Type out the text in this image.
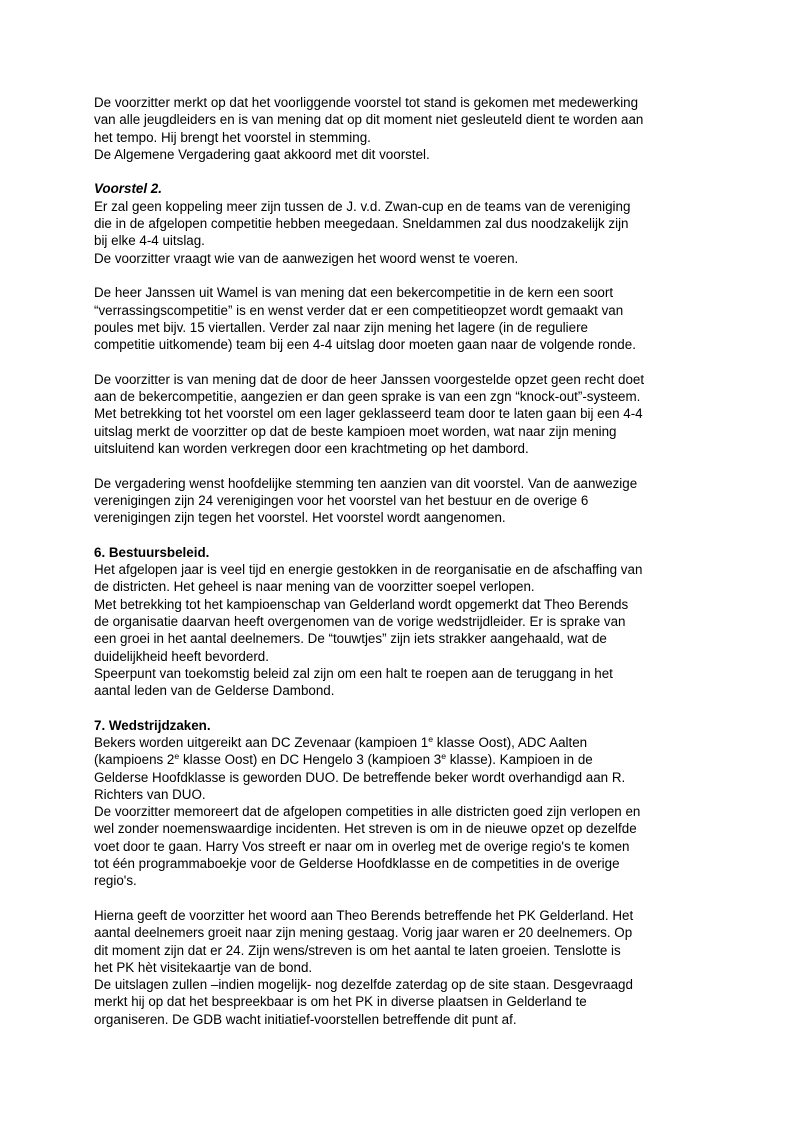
De voorzitter merkt op dat het voorliggende voorstel tot stand is gekomen met medewerking
van alle jeugdleiders en is van mening dat op dit moment niet gesleuteld dient te worden aan
het tempo. Hij brengt het voorstel in stemming.
De Algemene Vergadering gaat akkoord met dit voorstel.
Voorstel 2.
Er zal geen koppeling meer zijn tussen de J. v.d. Zwan-cup en de teams van de vereniging
die in de afgelopen competitie hebben meegedaan. Sneldammen zal dus noodzakelijk zijn
bij elke 4-4 uitslag.
De voorzitter vraagt wie van de aanwezigen het woord wenst te voeren.
De heer Janssen uit Wamel is van mening dat een bekercompetitie in de kern een soort
“verrassingscompetitie” is en wenst verder dat er een competitieopzet wordt gemaakt van
poules met bijv. 15 viertallen. Verder zal naar zijn mening het lagere (in de reguliere
competitie uitkomende) team bij een 4-4 uitslag door moeten gaan naar de volgende ronde.
De voorzitter is van mening dat de door de heer Janssen voorgestelde opzet geen recht doet
aan de bekercompetitie, aangezien er dan geen sprake is van een zgn “knock-out”-systeem.
Met betrekking tot het voorstel om een lager geklasseerd team door te laten gaan bij een 4-4
uitslag merkt de voorzitter op dat de beste kampioen moet worden, wat naar zijn mening
uitsluitend kan worden verkregen door een krachtmeting op het dambord.
De vergadering wenst hoofdelijke stemming ten aanzien van dit voorstel. Van de aanwezige
verenigingen zijn 24 verenigingen voor het voorstel van het bestuur en de overige 6
verenigingen zijn tegen het voorstel. Het voorstel wordt aangenomen.
6. Bestuursbeleid.
Het afgelopen jaar is veel tijd en energie gestokken in de reorganisatie en de afschaffing van
de districten. Het geheel is naar mening van de voorzitter soepel verlopen.
Met betrekking tot het kampioenschap van Gelderland wordt opgemerkt dat Theo Berends
de organisatie daarvan heeft overgenomen van de vorige wedstrijdleider. Er is sprake van
een groei in het aantal deelnemers. De “touwtjes” zijn iets strakker aangehaald, wat de
duidelijkheid heeft bevorderd.
Speerpunt van toekomstig beleid zal zijn om een halt te roepen aan de teruggang in het
aantal leden van de Gelderse Dambond.
7. Wedstrijdzaken.
Bekers worden uitgereikt aan DC Zevenaar (kampioen 1e klasse Oost), ADC Aalten
(kampioens 2e klasse Oost) en DC Hengelo 3 (kampioen 3e klasse). Kampioen in de
Gelderse Hoofdklasse is geworden DUO. De betreffende beker wordt overhandigd aan R.
Richters van DUO.
De voorzitter memoreert dat de afgelopen competities in alle districten goed zijn verlopen en
wel zonder noemenswaardige incidenten. Het streven is om in de nieuwe opzet op dezelfde
voet door te gaan. Harry Vos streeft er naar om in overleg met de overige regio's te komen
tot één programmaboekje voor de Gelderse Hoofdklasse en de competities in de overige
regio's.
Hierna geeft de voorzitter het woord aan Theo Berends betreffende het PK Gelderland. Het
aantal deelnemers groeit naar zijn mening gestaag. Vorig jaar waren er 20 deelnemers. Op
dit moment zijn dat er 24. Zijn wens/streven is om het aantal te laten groeien. Tenslotte is
het PK hèt visitekaartje van de bond.
De uitslagen zullen –indien mogelijk- nog dezelfde zaterdag op de site staan. Desgevraagd
merkt hij op dat het bespreekbaar is om het PK in diverse plaatsen in Gelderland te
organiseren. De GDB wacht initiatief-voorstellen betreffende dit punt af.
